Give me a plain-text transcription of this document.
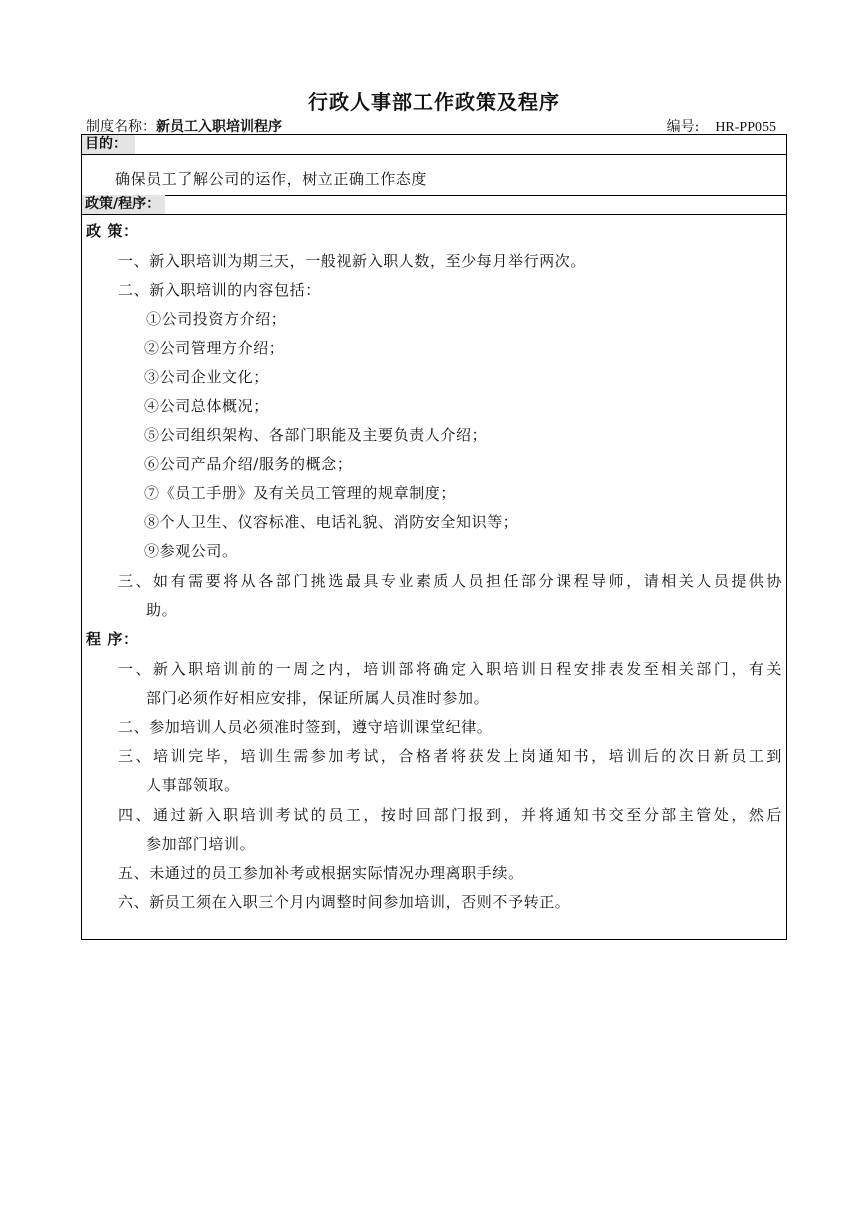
行政人事部工作政策及程序
制度名称：新员工入职培训程序	编号: HR-PP055
目的：
确保员工了解公司的运作，树立正确工作态度
政策/程序：
政 策：
一、新入职培训为期三天，一般视新入职人数，至少每月举行两次。
二、新入职培训的内容包括：
①公司投资方介绍；
②公司管理方介绍；
③公司企业文化；
④公司总体概况；
⑤公司组织架构、各部门职能及主要负责人介绍；
⑥公司产品介绍/服务的概念；
⑦《员工手册》及有关员工管理的规章制度；
⑧个人卫生、仪容标准、电话礼貌、消防安全知识等；
⑨参观公司。
三、如有需要将从各部门挑选最具专业素质人员担任部分课程导师，请相关人员提供协
助。
程 序：
一、新入职培训前的一周之内，培训部将确定入职培训日程安排表发至相关部门，有关
部门必须作好相应安排，保证所属人员准时参加。
二、参加培训人员必须准时签到，遵守培训课堂纪律。
三、培训完毕，培训生需参加考试，合格者将获发上岗通知书，培训后的次日新员工到
人事部领取。
四、通过新入职培训考试的员工，按时回部门报到，并将通知书交至分部主管处，然后
参加部门培训。
五、未通过的员工参加补考或根据实际情况办理离职手续。
六、新员工须在入职三个月内调整时间参加培训，否则不予转正。
